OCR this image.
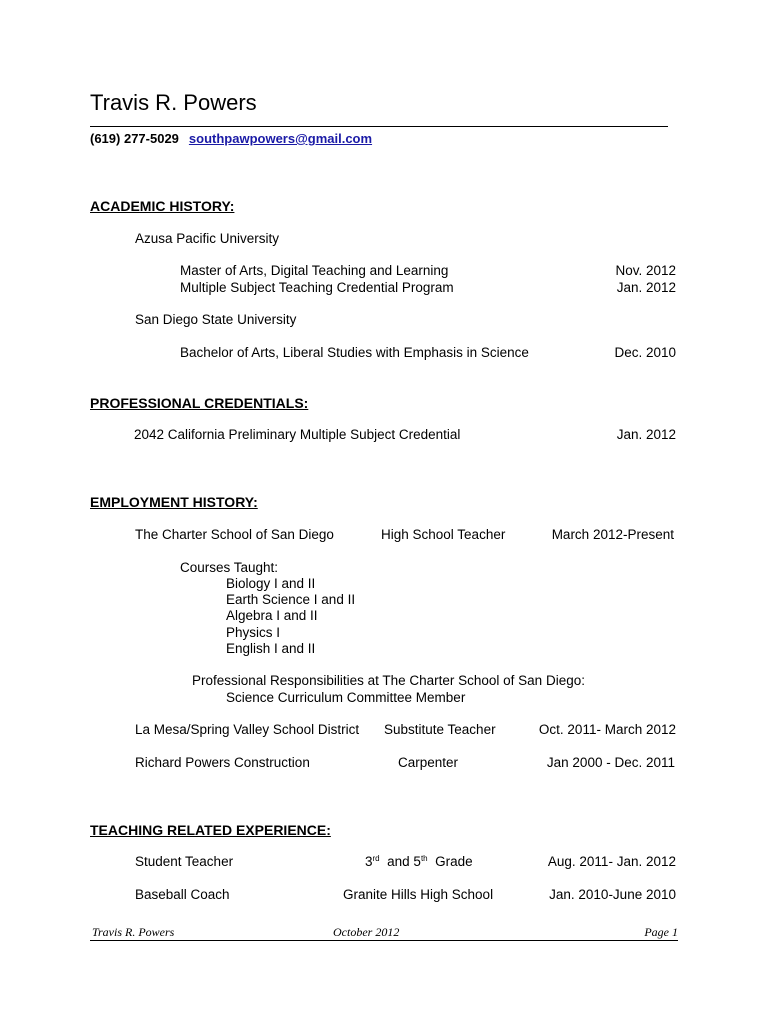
Travis R. Powers
(619) 277-5029 southpawpowers@gmail.com
ACADEMIC HISTORY:
Azusa Pacific University
Master of Arts, Digital Teaching and Learning	Nov. 2012
Multiple Subject Teaching Credential Program	Jan. 2012
San Diego State University
Bachelor of Arts, Liberal Studies with Emphasis in Science	Dec. 2010
PROFESSIONAL CREDENTIALS:
2042 California Preliminary Multiple Subject Credential	Jan. 2012
EMPLOYMENT HISTORY:
The Charter School of San Diego	High School Teacher	March 2012-Present
Courses Taught:
Biology I and II
Earth Science I and II
Algebra I and II
Physics I
English I and II
Professional Responsibilities at The Charter School of San Diego:
Science Curriculum Committee Member
La Mesa/Spring Valley School District Substitute Teacher	Oct. 2011- March 2012
Richard Powers Construction	Carpenter	Jan 2000 - Dec. 2011
TEACHING RELATED EXPERIENCE:
Student Teacher	3rd and 5th Grade	Aug. 2011- Jan. 2012
Baseball Coach	Granite Hills High School	Jan. 2010-June 2010
Travis R. Powers	October 2012	Page 1
